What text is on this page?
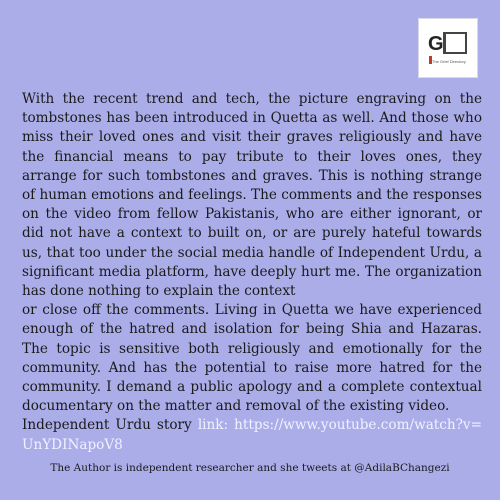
G
The Grief Directory

With the recent trend and tech, the picture engraving on the tombstones has been introduced in Quetta as well. And those who miss their loved ones and visit their graves religiously and have the financial means to pay tribute to their loves ones, they arrange for such tombstones and graves. This is nothing strange of human emotions and feelings. The comments and the responses on the video from fellow Pakistanis, who are either ignorant, or did not have a context to built on, or are purely hateful towards us, that too under the social media handle of Independent Urdu, a significant media platform, have deeply hurt me. The organization has done nothing to explain the context

or close off the comments. Living in Quetta we have experienced enough of the hatred and isolation for being Shia and Hazaras. The topic is sensitive both religiously and emotionally for the community. And has the potential to raise more hatred for the community. I demand a public apology and a complete contextual documentary on the matter and removal of the existing video.

Independent Urdu story link: https://www.youtube.com/watch?v=UnYDINapoV8

The Author is independent researcher and she tweets at @AdilaBChangezi
